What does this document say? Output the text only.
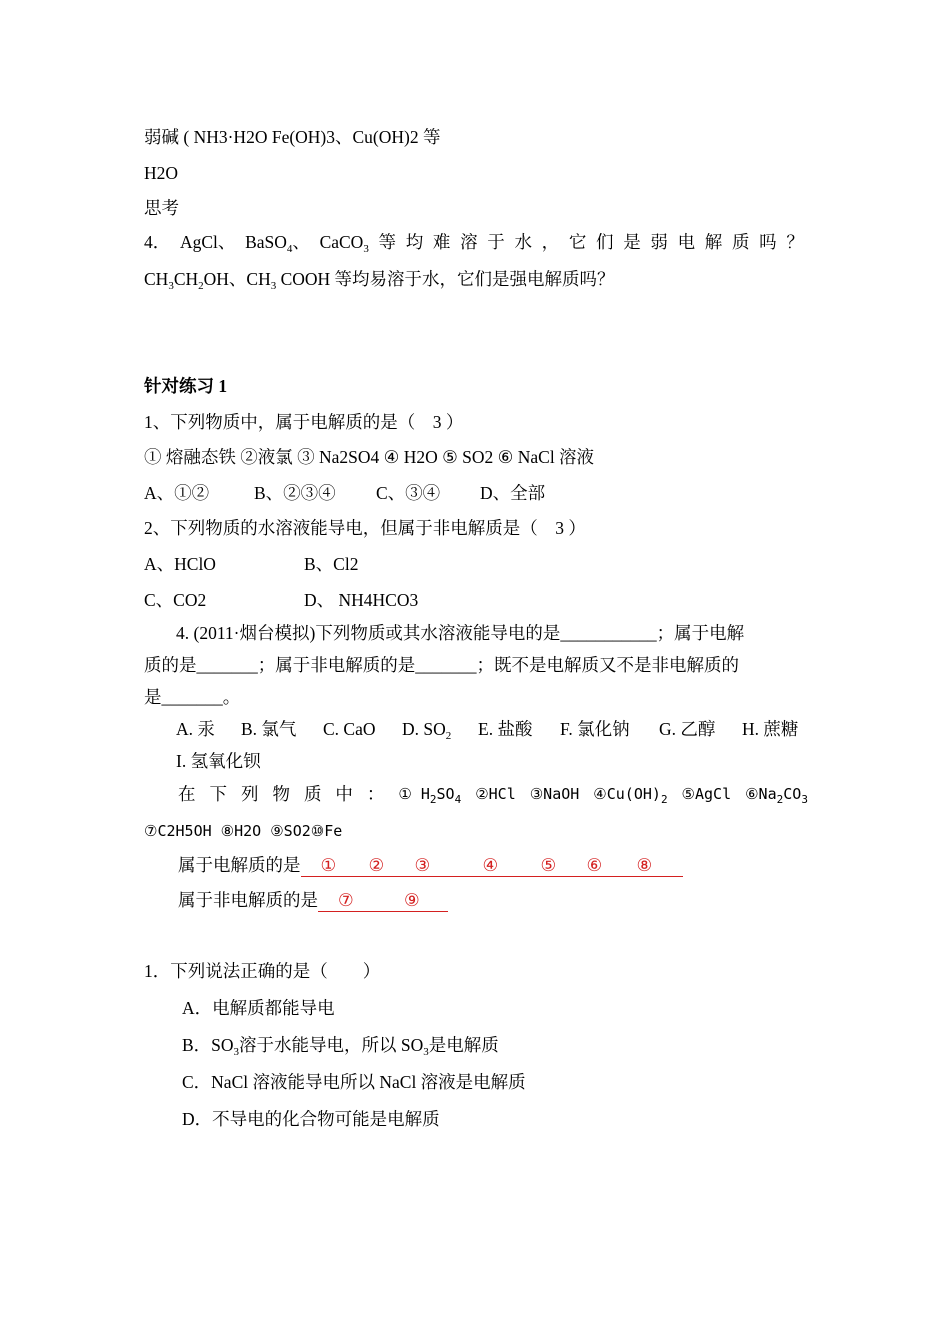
弱碱 ( NH3·H2O Fe(OH)3、Cu(OH)2 等
H2O
思考
4． AgCl、 BaSO$_4$、 CaCO$_3$ 等 均 难 溶 于 水 ， 它 们 是 弱 电 解 质 吗 ？
$CH_3CH_2OH$、$CH_3$ COOH 等均易溶于水，它们是强电解质吗？
针对练习 1
1、下列物质中，属于电解质的是（　3 ）
① 熔融态铁 ②液氯 ③ Na2SO4 ④ H2O ⑤ SO2 ⑥ NaCl 溶液
A、①②	B、②③④ C、③④ D、全部
2、下列物质的水溶液能导电，但属于非电解质是（　3 ）
A、HClO	B、Cl2
C、CO2	D、 NH4HCO3
4. (2011·烟台模拟)下列物质或其水溶液能导电的是___________；属于电解
质的是_______；属于非电解质的是_______；既不是电解质又不是非电解质的
是_______。
A. 汞 B. 氯气 C. CaO D. $SO_2$ E. 盐酸 F. 氯化钠 G. 乙醇 H. 蔗糖
I. 氢氧化钡
在 下 列 物 质 中 ： ① $H_2SO_4$ ②HCl ③NaOH $④Cu(OH)_2$ ⑤AgCl $⑥Na_2CO_3$
⑦C2H5OH ⑧H2O ⑨SO2⑩Fe
属于电解质的是 ① ② ③	④ ⑤ ⑥ ⑧
属于非电解质的是 ⑦	⑨
1．下列说法正确的是（　　）
A．电解质都能导电
B．$SO_3$溶于水能导电，所以 $SO_3$是电解质
C．NaCl 溶液能导电所以 NaCl 溶液是电解质
D．不导电的化合物可能是电解质
